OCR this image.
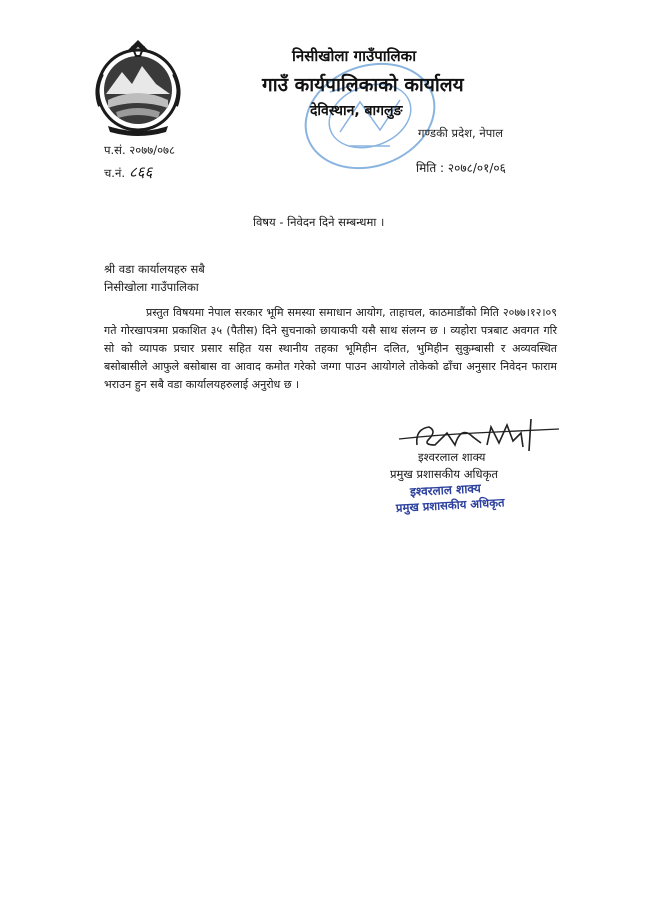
निसीखोला गाउँपालिका
गाउँ कार्यपालिकाको कार्यालय
देविस्थान, बागलुङ
गण्डकी प्रदेश, नेपाल
प.सं. २०७७/०७८
च.नं. ८६६	मिति : २०७८/०१/०६
विषय - निवेदन दिने सम्बन्धमा ।
श्री वडा कार्यालयहरु सबै
निसीखोला गाउँपालिका

प्रस्तुत विषयमा नेपाल सरकार भूमि समस्या समाधान आयोग, ताहाचल, काठमाडौंको मिति २०७७।१२।०९ गते गोरखापत्रमा प्रकाशित ३५ (पैतीस) दिने सुचनाको छायाकपी यसै साथ संलग्न छ । व्यहोरा पत्रबाट अवगत गरि सो को व्यापक प्रचार प्रसार सहित यस स्थानीय तहका भूमिहीन दलित, भुमिहीन सुकुम्बासी र अव्यवस्थित बसोबासीले आफुले बसोबास वा आवाद कमोत गरेको जग्गा पाउन आयोगले तोकेको ढाँचा अनुसार निवेदन फाराम भराउन हुन सबै वडा कार्यालयहरुलाई अनुरोध छ ।

इश्वरलाल शाक्य
प्रमुख प्रशासकीय अधिकृत
इश्वरलाल शाक्य
प्रमुख प्रशासकीय अधिकृत
